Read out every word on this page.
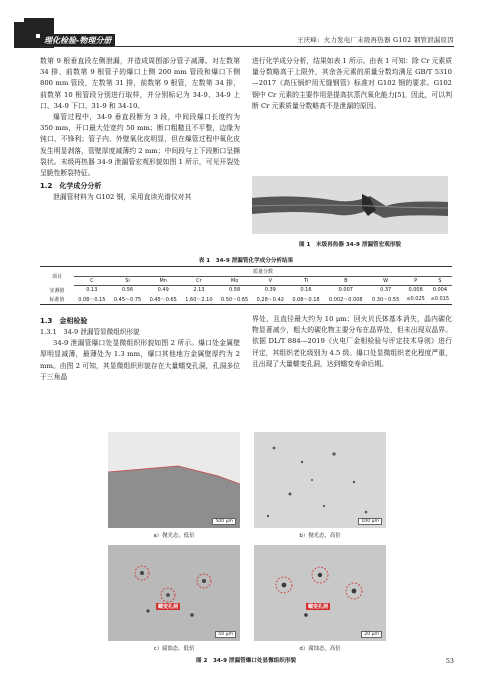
理化检验-物理分册	王庆峰：火力发电厂末级再热器 G102 钢管泄漏原因

数第 9 根垂直段左侧泄漏，并造成周围部分管子减薄。对左数第 34 排、前数第 9 根管子的爆口上侧 200 mm 管段和爆口下侧 800 mm 管段，左数第 31 排，前数第 9 根管，左数第 34 排，前数第 10 根管段分别进行取样，并分别标记为 34-9、34-9 上口、34-9 下口、31-9 和 34-10。

爆管过程中，34-9 垂直段断为 3 段，中间段爆口长度约为 350 mm，开口最大处宽约 50 mm；断口粗糙且不平整，边缘为钝口、不锋利；管子内、外壁氧化皮明显，但在爆管过程中氧化皮发生明显剥落，管壁厚度减薄约 2 mm；中间段与上下段断口呈撕裂状。末级再热器 34-9 泄漏管宏观形貌如图 1 所示，可见开裂处呈脆性断裂特征。

1.2　化学成分分析

泄漏管材料为 G102 钢，采用直读光谱仪对其

进行化学成分分析，结果如表 1 所示。由表 1 可知：除 Cr 元素质量分数略高于上限外，其余各元素的质量分数均满足 GB/T 5310—2017《高压锅炉用无缝钢管》标准对 G102 钢的要求。G102 钢中 Cr 元素的主要作用是提高抗蒸汽氧化能力[5]。因此，可以判断 Cr 元素质量分数略高不是泄漏的原因。

图 1　末级再热器 34-9 泄漏管宏观形貌
表 1　34-9 泄漏管化学成分分析结果
项目	质量分数										
	C	Si	Mn	Cr	Mo	V	Ti	B	W	P	S
实测值	0.13	0.56	0.49	2.13	0.58	0.39	0.16	0.007	0.37	0.008	0.004
标准值	0.08～0.15	0.45～0.75	0.45～0.65	1.60～2.10	0.50～0.65	0.28～0.42	0.08～0.18	0.002～0.008	0.30～0.55	≤0.025	≤0.015
1.3　金相检验
1.3.1　34-9 泄漏管显微组织形貌

34-9 泄漏管爆口处显微组织形貌如图 2 所示。爆口处金属壁厚明显减薄，最薄处为 1.3 mm，爆口其他地方金属壁厚约为 2 mm。由图 2 可知，其显微组织形貌存在大量蠕变孔洞，孔洞多位于三角晶

界处，且直径最大约为 10 μm；回火贝氏体基本消失，晶内碳化物显著减少，粗大的碳化物主要分布在晶界处，但未出现双晶界。依据 DL/T 884—2019《火电厂金相检验与评定技术导则》进行评定，其组织老化级别为 4.5 级。爆口处显微组织老化程度严重，且出现了大量蠕变孔洞，达到蠕变寿命后期。

500 μm
a）抛光态，低倍
100 μm
b）抛光态，高倍
蠕变孔洞
50 μm
c）腐蚀态，低倍
蠕变孔洞
20 μm
d）腐蚀态，高倍
图 2　34-9 泄漏管爆口处显微组织形貌	53
